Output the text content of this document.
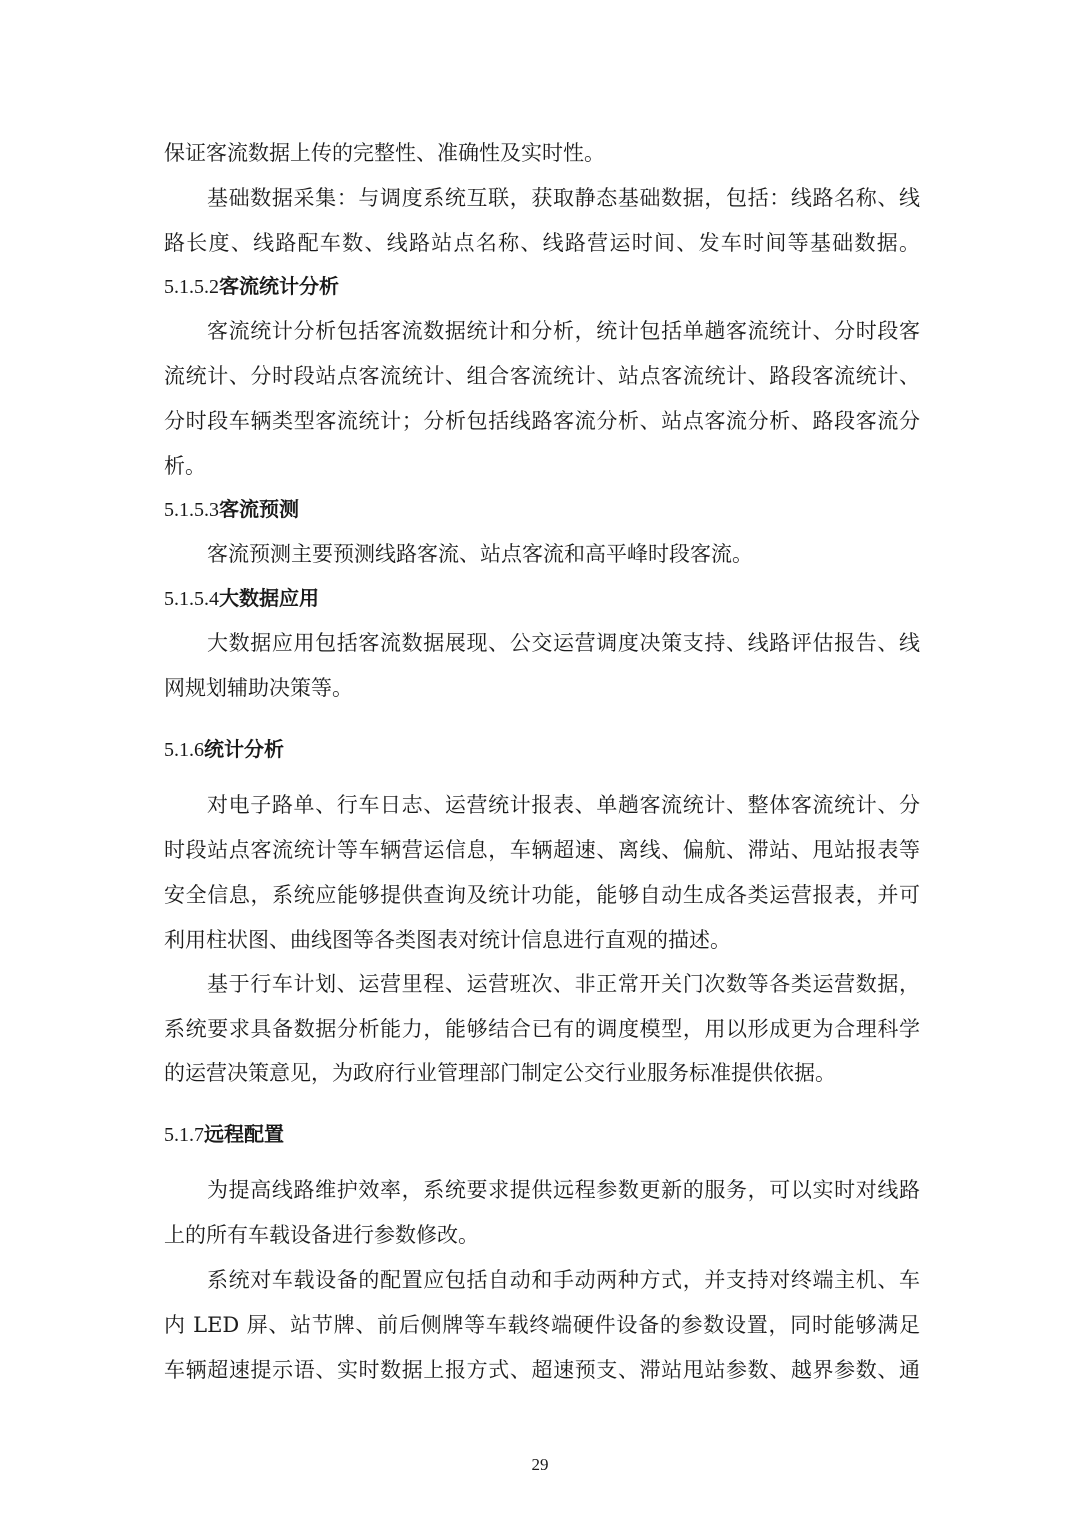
保证客流数据上传的完整性、准确性及实时性。
基础数据采集：与调度系统互联，获取静态基础数据，包括：线路名称、线
路长度、线路配车数、线路站点名称、线路营运时间、发车时间等基础数据。
5.1.5.2客流统计分析
客流统计分析包括客流数据统计和分析，统计包括单趟客流统计、分时段客
流统计、分时段站点客流统计、组合客流统计、站点客流统计、路段客流统计、
分时段车辆类型客流统计；分析包括线路客流分析、站点客流分析、路段客流分
析。
5.1.5.3客流预测
客流预测主要预测线路客流、站点客流和高平峰时段客流。
5.1.5.4大数据应用
大数据应用包括客流数据展现、公交运营调度决策支持、线路评估报告、线
网规划辅助决策等。
5.1.6统计分析
对电子路单、行车日志、运营统计报表、单趟客流统计、整体客流统计、分
时段站点客流统计等车辆营运信息，车辆超速、离线、偏航、滞站、甩站报表等
安全信息，系统应能够提供查询及统计功能，能够自动生成各类运营报表，并可
利用柱状图、曲线图等各类图表对统计信息进行直观的描述。
基于行车计划、运营里程、运营班次、非正常开关门次数等各类运营数据，
系统要求具备数据分析能力，能够结合已有的调度模型，用以形成更为合理科学
的运营决策意见，为政府行业管理部门制定公交行业服务标准提供依据。
5.1.7远程配置
为提高线路维护效率，系统要求提供远程参数更新的服务，可以实时对线路
上的所有车载设备进行参数修改。
系统对车载设备的配置应包括自动和手动两种方式，并支持对终端主机、车
内 LED 屏、站节牌、前后侧牌等车载终端硬件设备的参数设置，同时能够满足
车辆超速提示语、实时数据上报方式、超速预支、滞站甩站参数、越界参数、通
29
